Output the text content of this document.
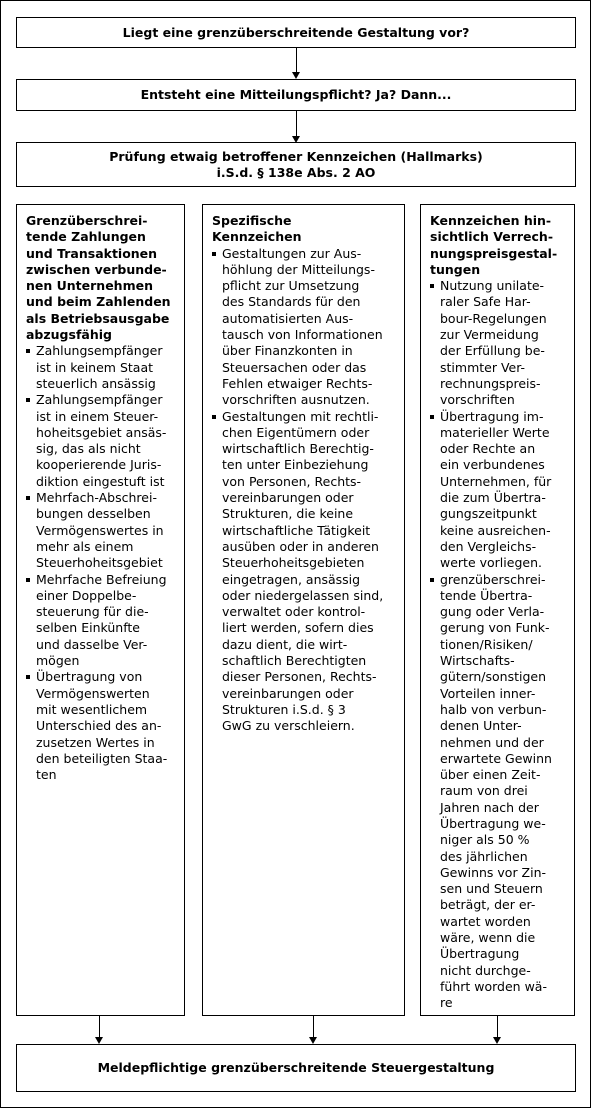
Liegt eine grenzüberschreitende Gestaltung vor?
Entsteht eine Mitteilungspflicht? Ja? Dann...
Prüfung etwaig betroffener Kennzeichen (Hallmarks)
i.S.d. § 138e Abs. 2 AO
Grenzüberschrei-
tende Zahlungen
und Transaktionen
zwischen verbunde-
nen Unternehmen
und beim Zahlenden
als Betriebsausgabe
abzugsfähig
Zahlungsempfänger
ist in keinem Staat
steuerlich ansässig
Zahlungsempfänger
ist in einem Steuer-
hoheitsgebiet ansäs-
sig, das als nicht
kooperierende Juris-
diktion eingestuft ist
Mehrfach-Abschrei-
bungen desselben
Vermögenswertes in
mehr als einem
Steuerhoheitsgebiet
Mehrfache Befreiung
einer Doppelbe-
steuerung für die-
selben Einkünfte
und dasselbe Ver-
mögen
Übertragung von
Vermögenswerten
mit wesentlichem
Unterschied des an-
zusetzen Wertes in
den beteiligten Staa-
ten
Spezifische
Kennzeichen
Gestaltungen zur Aus-
höhlung der Mitteilungs-
pflicht zur Umsetzung
des Standards für den
automatisierten Aus-
tausch von Informationen
über Finanzkonten in
Steuersachen oder das
Fehlen etwaiger Rechts-
vorschriften ausnutzen.
Gestaltungen mit rechtli-
chen Eigentümern oder
wirtschaftlich Berechtig-
ten unter Einbeziehung
von Personen, Rechts-
vereinbarungen oder
Strukturen, die keine
wirtschaftliche Tätigkeit
ausüben oder in anderen
Steuerhoheitsgebieten
eingetragen, ansässig
oder niedergelassen sind,
verwaltet oder kontrol-
liert werden, sofern dies
dazu dient, die wirt-
schaftlich Berechtigten
dieser Personen, Rechts-
vereinbarungen oder
Strukturen i.S.d. § 3
GwG zu verschleiern.
Kennzeichen hin-
sichtlich Verrech-
nungspreisgestal-
tungen
Nutzung unilate-
raler Safe Har-
bour-Regelungen
zur Vermeidung
der Erfüllung be-
stimmter Ver-
rechnungspreis-
vorschriften
Übertragung im-
materieller Werte
oder Rechte an
ein verbundenes
Unternehmen, für
die zum Übertra-
gungszeitpunkt
keine ausreichen-
den Vergleichs-
werte vorliegen.
grenzüberschrei-
tende Übertra-
gung oder Verla-
gerung von Funk-
tionen/Risiken/
Wirtschafts-
gütern/sonstigen
Vorteilen inner-
halb von verbun-
denen Unter-
nehmen und der
erwartete Gewinn
über einen Zeit-
raum von drei
Jahren nach der
Übertragung we-
niger als 50 %
des jährlichen
Gewinns vor Zin-
sen und Steuern
beträgt, der er-
wartet worden
wäre, wenn die
Übertragung
nicht durchge-
führt worden wä-
re
Meldepflichtige grenzüberschreitende Steuergestaltung
